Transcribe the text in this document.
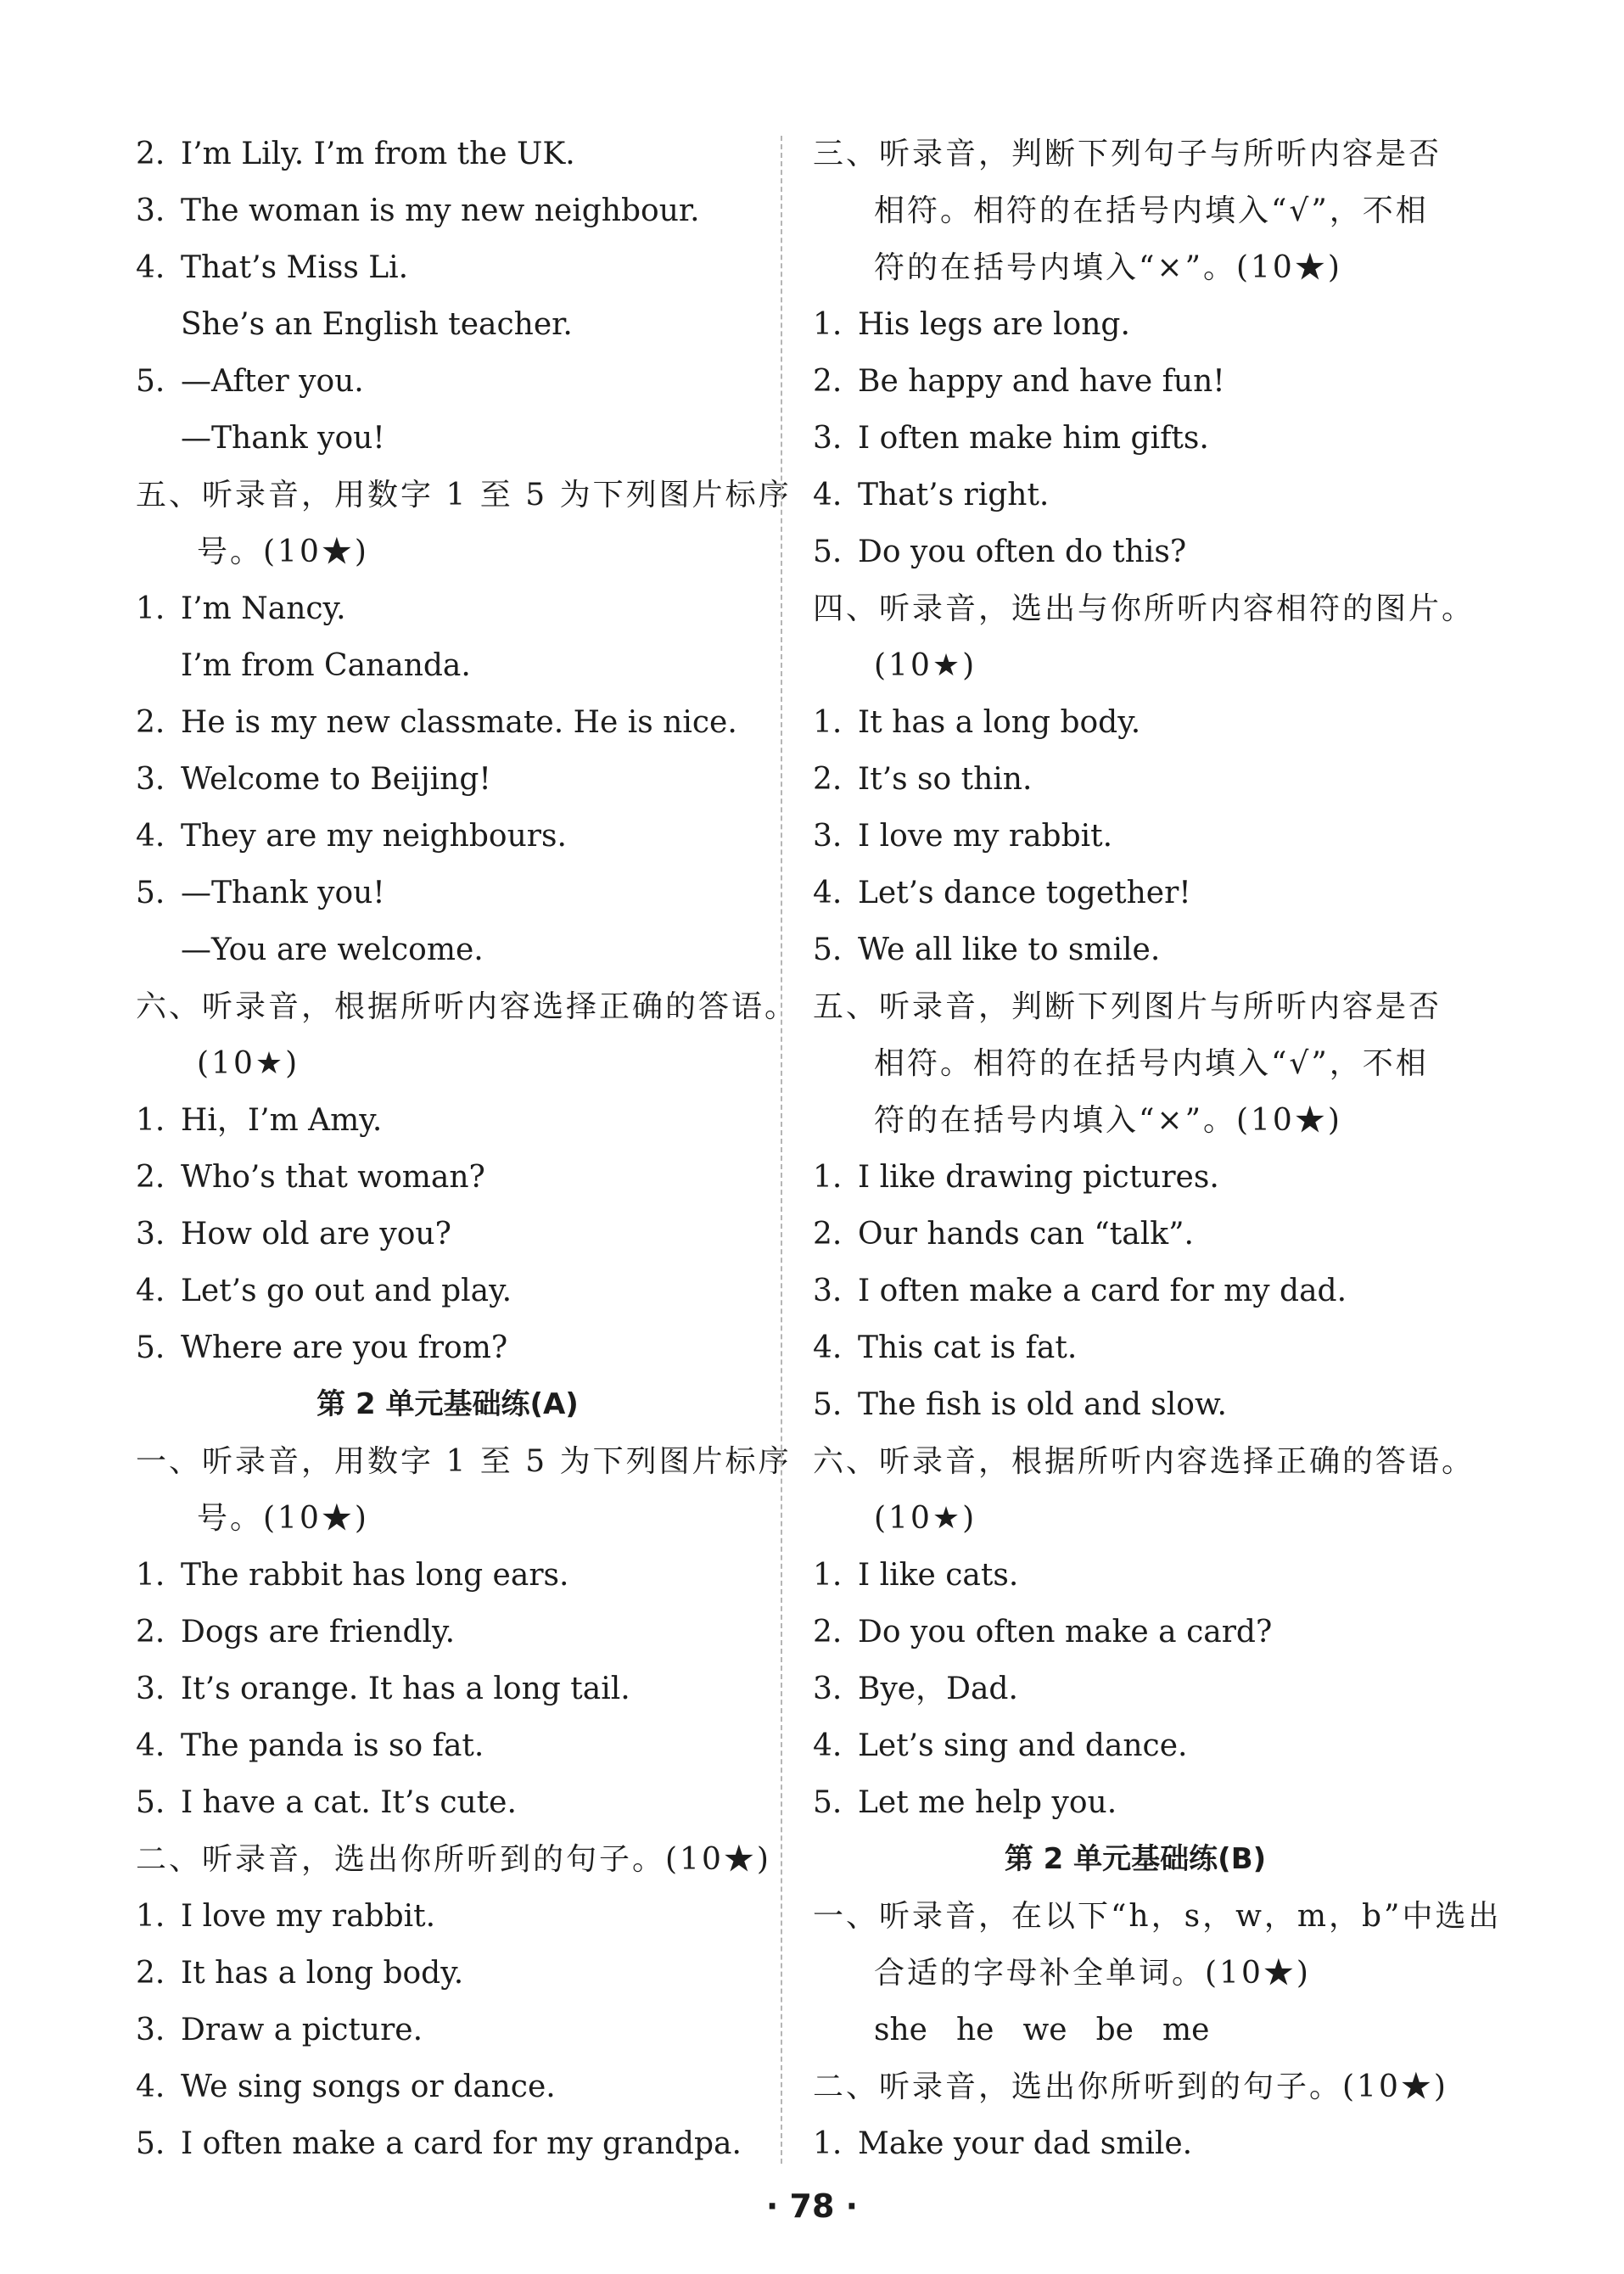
2. I’m Lily. I’m from the UK.
3. The woman is my new neighbour.
4. That’s Miss Li.
She’s an English teacher.
5. —After you.
—Thank you!
五、听录音，用数字 1 至 5 为下列图片标序
号。(10★)
1. I’m Nancy.
I’m from Cananda.
2. He is my new classmate. He is nice.
3. Welcome to Beijing!
4. They are my neighbours.
5. —Thank you!
—You are welcome.
六、听录音，根据所听内容选择正确的答语。
(10★)
1. Hi，I’m Amy.
2. Who’s that woman?
3. How old are you?
4. Let’s go out and play.
5. Where are you from?
第 2 单元基础练(A)
一、听录音，用数字 1 至 5 为下列图片标序
号。(10★)
1. The rabbit has long ears.
2. Dogs are friendly.
3. It’s orange. It has a long tail.
4. The panda is so fat.
5. I have a cat. It’s cute.
二、听录音，选出你所听到的句子。(10★)
1. I love my rabbit.
2. It has a long body.
3. Draw a picture.
4. We sing songs or dance.
5. I often make a card for my grandpa.
三、听录音，判断下列句子与所听内容是否
相符。相符的在括号内填入“√”，不相
符的在括号内填入“×”。(10★)
1. His legs are long.
2. Be happy and have fun!
3. I often make him gifts.
4. That’s right.
5. Do you often do this?
四、听录音，选出与你所听内容相符的图片。
(10★)
1. It has a long body.
2. It’s so thin.
3. I love my rabbit.
4. Let’s dance together!
5. We all like to smile.
五、听录音，判断下列图片与所听内容是否
相符。相符的在括号内填入“√”，不相
符的在括号内填入“×”。(10★)
1. I like drawing pictures.
2. Our hands can “talk”.
3. I often make a card for my dad.
4. This cat is fat.
5. The fish is old and slow.
六、听录音，根据所听内容选择正确的答语。
(10★)
1. I like cats.
2. Do you often make a card?
3. Bye，Dad.
4. Let’s sing and dance.
5. Let me help you.
第 2 单元基础练(B)
一、听录音，在以下“h，s，w，m，b”中选出
合适的字母补全单词。(10★)
she he we be me
二、听录音，选出你所听到的句子。(10★)
1. Make your dad smile.
· 78 ·
